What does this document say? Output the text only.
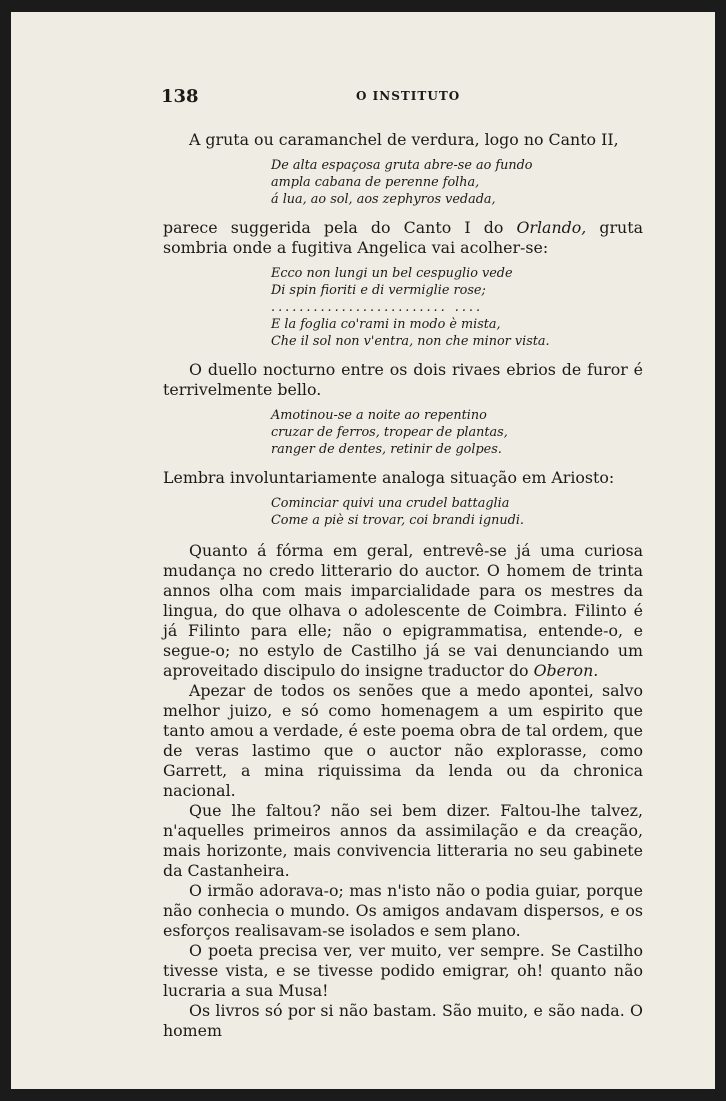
138	O INSTITUTO

A gruta ou caramanchel de verdura, logo no Canto II,

De alta espaçosa gruta abre-se ao fundo
ampla cabana de perenne folha,
á lua, ao sol, aos zephyros vedada,

parece suggerida pela do Canto I do Orlando, gruta sombria onde a fugitiva Angelica vai acolher-se:

Ecco non lungi un bel cespuglio vede
Di spin fioriti e di vermiglie rose;
......................... ....
E la foglia co'rami in modo è mista,
Che il sol non v'entra, non che minor vista.

O duello nocturno entre os dois rivaes ebrios de furor é terrivelmente bello.

Amotinou-se a noite ao repentino
cruzar de ferros, tropear de plantas,
ranger de dentes, retinir de golpes.

Lembra involuntariamente analoga situação em Ariosto:

Cominciar quivi una crudel battaglia
Come a piè si trovar, coi brandi ignudi.

Quanto á fórma em geral, entrevê-se já uma curiosa mudança no credo litterario do auctor. O homem de trinta annos olha com mais imparcialidade para os mestres da lingua, do que olhava o adolescente de Coimbra. Filinto é já Filinto para elle; não o epigrammatisa, entende-o, e segue-o; no estylo de Castilho já se vai denunciando um aproveitado discipulo do insigne traductor do Oberon.

Apezar de todos os senões que a medo apontei, salvo melhor juizo, e só como homenagem a um espirito que tanto amou a verdade, é este poema obra de tal ordem, que de veras lastimo que o auctor não explorasse, como Garrett, a mina riquissima da lenda ou da chronica nacional.

Que lhe faltou? não sei bem dizer. Faltou-lhe talvez, n'aquelles primeiros annos da assimilação e da creação, mais horizonte, mais convivencia litteraria no seu gabinete da Castanheira.

O irmão adorava-o; mas n'isto não o podia guiar, porque não conhecia o mundo. Os amigos andavam dispersos, e os esforços realisavam-se isolados e sem plano.

O poeta precisa ver, ver muito, ver sempre. Se Castilho tivesse vista, e se tivesse podido emigrar, oh! quanto não lucraria a sua Musa!

Os livros só por si não bastam. São muito, e são nada. O homem
